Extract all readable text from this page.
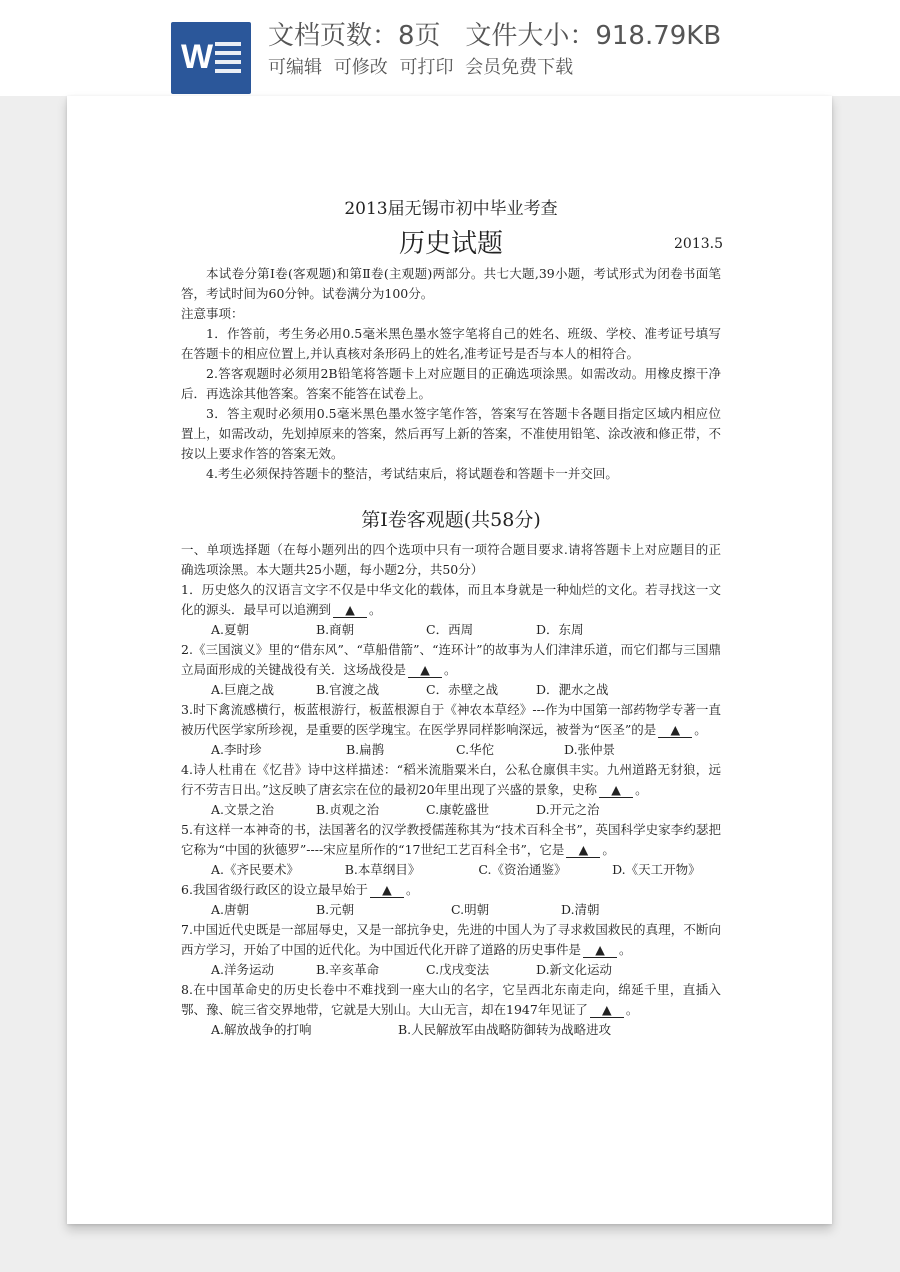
W
文档页数：8页   文件大小：918.79KB
可编辑 可修改 可打印 会员免费下载

2013届无锡市初中毕业考查

历史试题	2013.5

本试卷分第Ⅰ卷(客观题)和第Ⅱ卷(主观题)两部分。共七大题,39小题，考试形式为闭卷书面笔答，考试时间为60分钟。试卷满分为100分。

注意事项：

1．作答前，考生务必用0.5毫米黑色墨水签字笔将自己的姓名、班级、学校、准考证号填写在答题卡的相应位置上,并认真核对条形码上的姓名,准考证号是否与本人的相符合。

2.答客观题时必须用2B铅笔将答题卡上对应题目的正确选项涂黑。如需改动。用橡皮擦干净后．再选涂其他答案。答案不能答在试卷上。

3．答主观时必须用0.5毫米黑色墨水签字笔作答，答案写在答题卡各题目指定区域内相应位置上，如需改动，先划掉原来的答案，然后再写上新的答案，不准使用铅笔、涂改液和修正带，不按以上要求作答的答案无效。

4.考生必须保持答题卡的整洁，考试结束后，将试题卷和答题卡一并交回。

第Ⅰ卷客观题(共58分)

一、单项选择题（在每小题列出的四个选项中只有一项符合题目要求.请将答题卡上对应题目的正确选项涂黑。本大题共25小题，每小题2分，共50分）

1．历史悠久的汉语言文字不仅是中华文化的载体，而且本身就是一种灿烂的文化。若寻找这一文化的源头．最早可以追溯到 ▲ 。

A.夏朝	B.商朝	C．西周	D．东周

2.《三国演义》里的“借东风”、“草船借箭”、“连环计”的故事为人们津津乐道，而它们都与三国鼎立局面形成的关键战役有关．这场战役是 ▲ 。

A.巨鹿之战	B.官渡之战	C．赤壁之战	D．淝水之战

3.时下禽流感横行，板蓝根游行，板蓝根源自于《神农本草经》---作为中国第一部药物学专著一直被历代医学家所珍视，是重要的医学瑰宝。在医学界同样影响深远，被誉为“医圣”的是 ▲ 。

A.李时珍	B.扁鹊	C.华佗	D.张仲景

4.诗人杜甫在《忆昔》诗中这样描述：“稻米流脂粟米白，公私仓廪俱丰实。九州道路无豺狼，远行不劳吉日出。”这反映了唐玄宗在位的最初20年里出现了兴盛的景象，史称 ▲ 。

A.文景之治	B.贞观之治	C.康乾盛世	D.开元之治

5.有这样一本神奇的书，法国著名的汉学教授儒莲称其为“技术百科全书”，英国科学史家李约瑟把它称为“中国的狄德罗”----宋应星所作的“17世纪工艺百科全书”，它是 ▲ 。

A.《齐民要术》	B.本草纲目》	C.《资治通鉴》	D.《天工开物》

6.我国省级行政区的设立最早始于 ▲ 。

A.唐朝	B.元朝	C.明朝	D.清朝

7.中国近代史既是一部屈辱史，又是一部抗争史，先进的中国人为了寻求救国救民的真理，不断向西方学习，开始了中国的近代化。为中国近代化开辟了道路的历史事件是 ▲ 。

A.洋务运动	B.辛亥革命	C.戊戌变法	D.新文化运动

8.在中国革命史的历史长卷中不难找到一座大山的名字，它呈西北东南走向，绵延千里，直插入鄂、豫、皖三省交界地带，它就是大别山。大山无言，却在1947年见证了 ▲ 。

A.解放战争的打响	B.人民解放军由战略防御转为战略进攻
